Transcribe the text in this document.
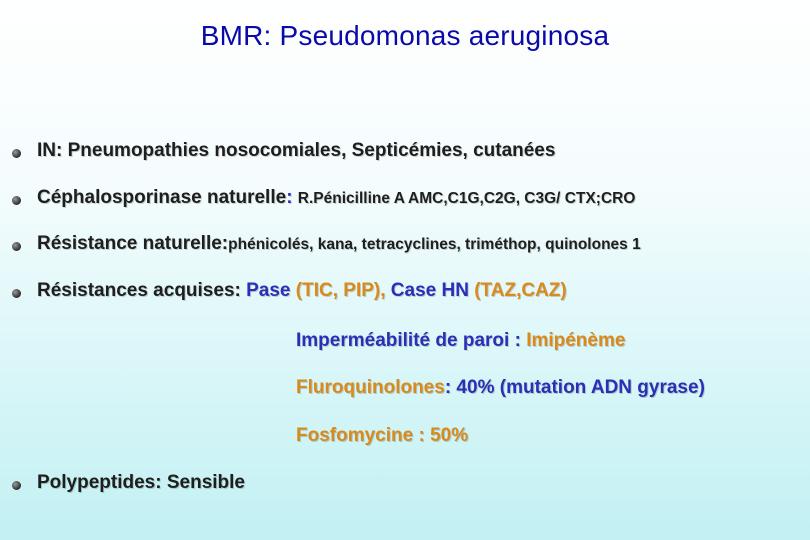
BMR: Pseudomonas aeruginosa
IN: Pneumopathies nosocomiales, Septicémies, cutanées
Céphalosporinase naturelle: R.Pénicilline A AMC,C1G,C2G, C3G/ CTX;CRO
Résistance naturelle:phénicolés, kana, tetracyclines, triméthop, quinolones 1
Résistances acquises: Pase (TIC, PIP), Case HN (TAZ,CAZ)
Imperméabilité de paroi : Imipénème
Fluroquinolones: 40% (mutation ADN gyrase)
Fosfomycine : 50%
Polypeptides: Sensible
